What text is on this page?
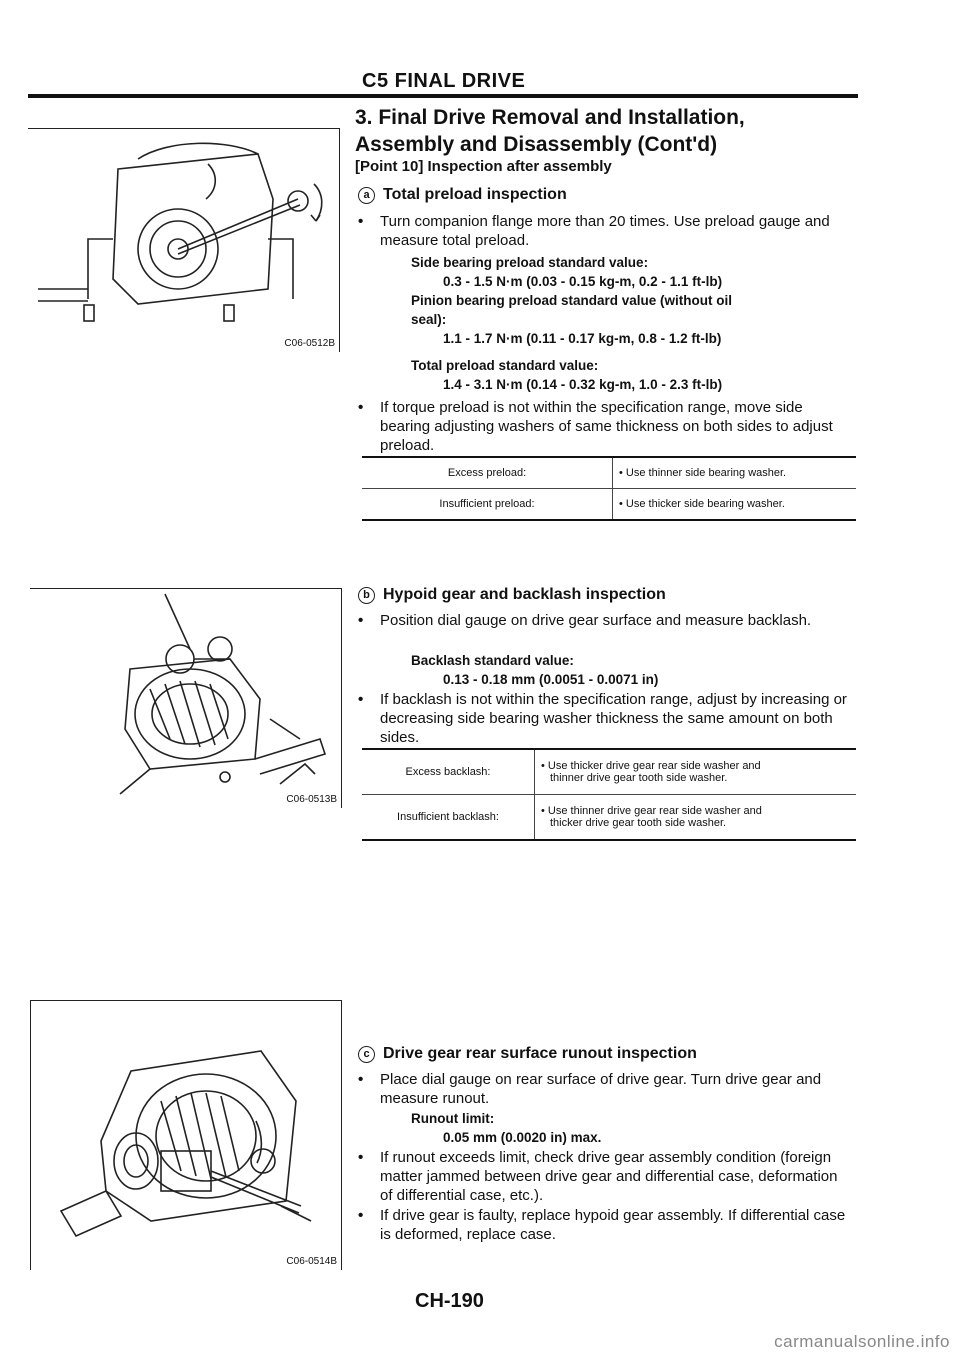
C5 FINAL DRIVE
3. Final Drive Removal and Installation,
Assembly and Disassembly (Cont'd)
[Point 10] Inspection after assembly
C06-0512B
a Total preload inspection
• Turn companion flange more than 20 times. Use preload gauge and measure total preload.
Side bearing preload standard value:
0.3 - 1.5 N·m (0.03 - 0.15 kg-m, 0.2 - 1.1 ft-lb)
Pinion bearing preload standard value (without oil
seal):
1.1 - 1.7 N·m (0.11 - 0.17 kg-m, 0.8 - 1.2 ft-lb)
Total preload standard value:
1.4 - 3.1 N·m (0.14 - 0.32 kg-m, 1.0 - 2.3 ft-lb)
• If torque preload is not within the specification range, move side bearing adjusting washers of same thickness on both sides to adjust preload.
Excess preload:	• Use thinner side bearing washer.
Insufficient preload:	• Use thicker side bearing washer.
C06-0513B
b Hypoid gear and backlash inspection
• Position dial gauge on drive gear surface and measure backlash.
Backlash standard value:
0.13 - 0.18 mm (0.0051 - 0.0071 in)
• If backlash is not within the specification range, adjust by increasing or decreasing side bearing washer thickness the same amount on both sides.
Excess backlash:	• Use thicker drive gear rear side washer and
thinner drive gear tooth side washer.

Insufficient backlash:	• Use thinner drive gear rear side washer and
thicker drive gear tooth side washer.
C06-0514B
c Drive gear rear surface runout inspection
• Place dial gauge on rear surface of drive gear. Turn drive gear and measure runout.
Runout limit:
0.05 mm (0.0020 in) max.
• If runout exceeds limit, check drive gear assembly condition (foreign matter jammed between drive gear and differential case, deformation of differential case, etc.).
• If drive gear is faulty, replace hypoid gear assembly. If differential case is deformed, replace case.
CH-190
carmanualsonline.info
